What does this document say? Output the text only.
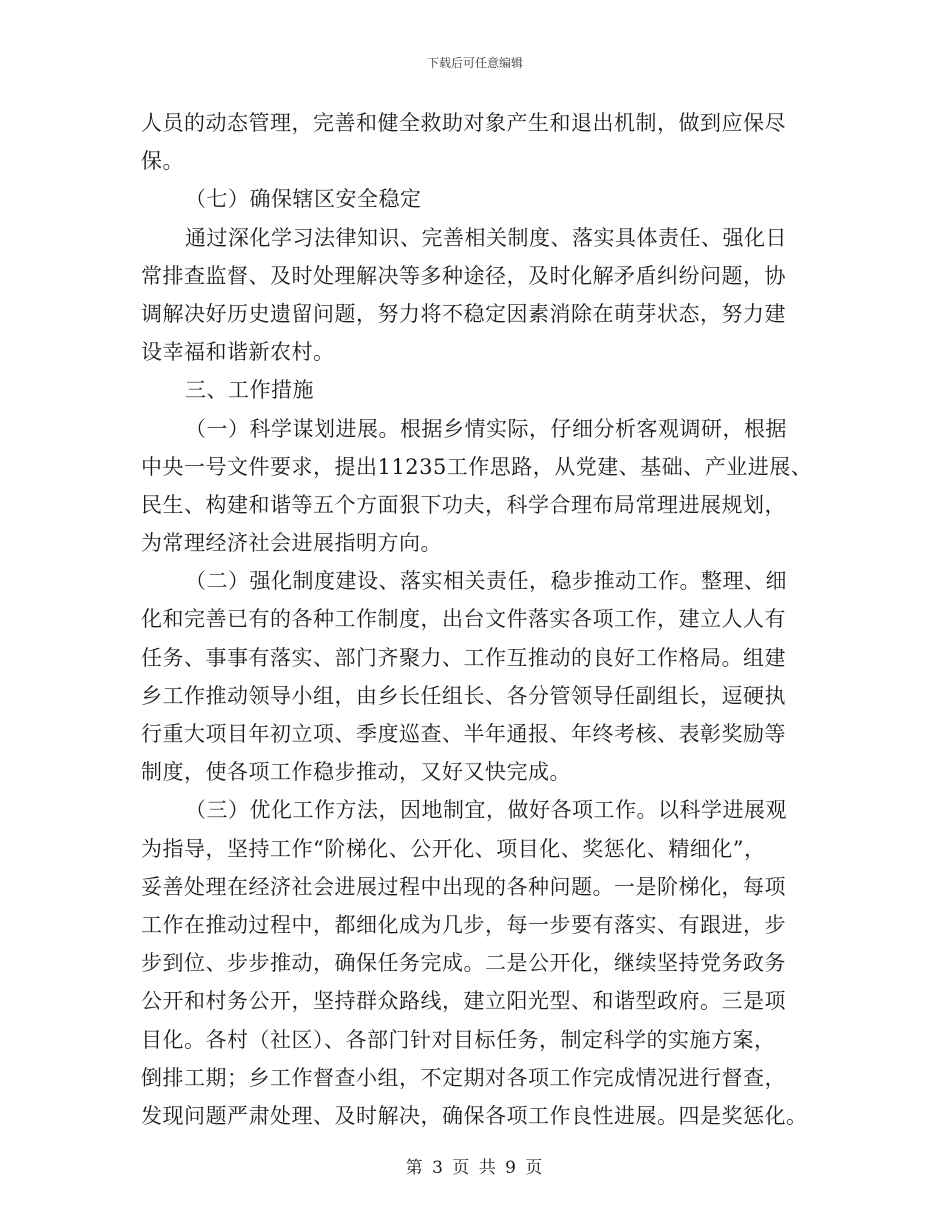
下载后可任意编辑
人员的动态管理，完善和健全救助对象产生和退出机制，做到应保尽
保。
（七）确保辖区安全稳定
通过深化学习法律知识、完善相关制度、落实具体责任、强化日
常排查监督、及时处理解决等多种途径，及时化解矛盾纠纷问题，协
调解决好历史遗留问题，努力将不稳定因素消除在萌芽状态，努力建
设幸福和谐新农村。
三、工作措施
（一）科学谋划进展。根据乡情实际，仔细分析客观调研，根据
中央一号文件要求，提出11235工作思路，从党建、基础、产业进展、
民生、构建和谐等五个方面狠下功夫，科学合理布局常理进展规划，
为常理经济社会进展指明方向。
（二）强化制度建设、落实相关责任，稳步推动工作。整理、细
化和完善已有的各种工作制度，出台文件落实各项工作，建立人人有
任务、事事有落实、部门齐聚力、工作互推动的良好工作格局。组建
乡工作推动领导小组，由乡长任组长、各分管领导任副组长，逗硬执
行重大项目年初立项、季度巡查、半年通报、年终考核、表彰奖励等
制度，使各项工作稳步推动，又好又快完成。
（三）优化工作方法，因地制宜，做好各项工作。以科学进展观
为指导，坚持工作“阶梯化、公开化、项目化、奖惩化、精细化”，
妥善处理在经济社会进展过程中出现的各种问题。一是阶梯化，每项
工作在推动过程中，都细化成为几步，每一步要有落实、有跟进，步
步到位、步步推动，确保任务完成。二是公开化，继续坚持党务政务
公开和村务公开，坚持群众路线，建立阳光型、和谐型政府。三是项
目化。各村（社区）、各部门针对目标任务，制定科学的实施方案，
倒排工期；乡工作督查小组，不定期对各项工作完成情况进行督查，
发现问题严肃处理、及时解决，确保各项工作良性进展。四是奖惩化。
第 3 页 共 9 页
